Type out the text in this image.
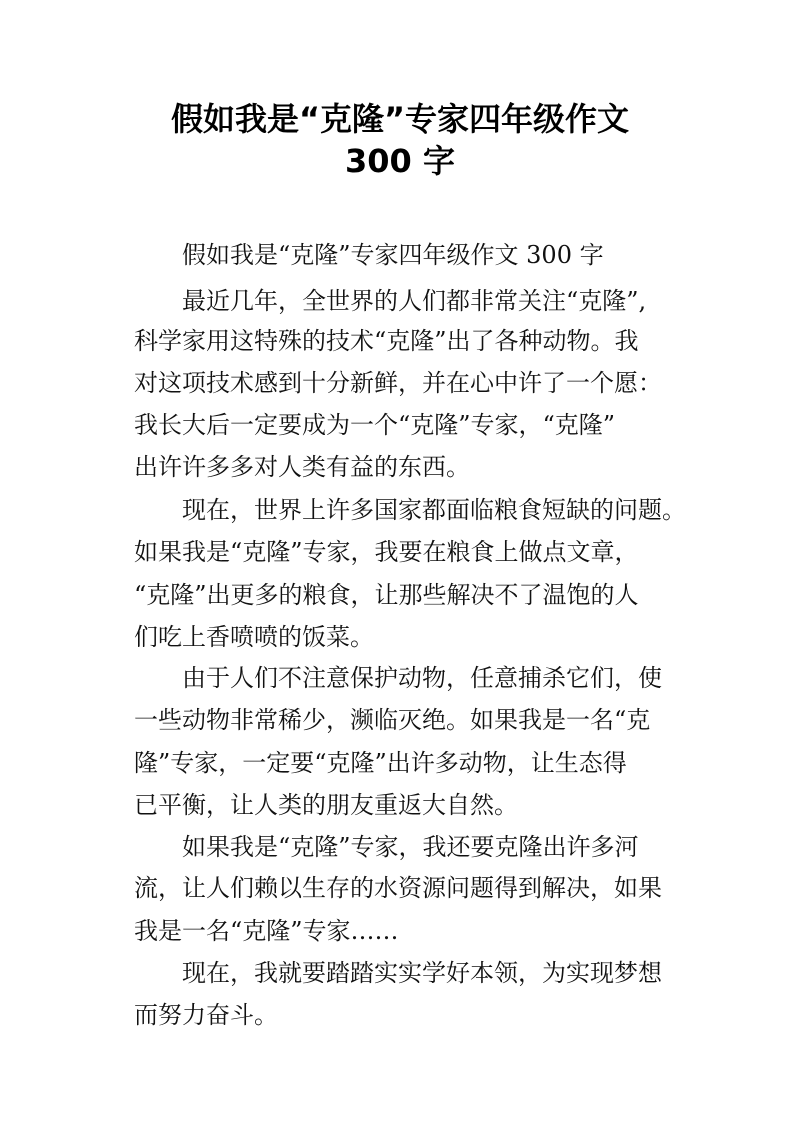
假如我是“克隆”专家四年级作文
300 字
假如我是“克隆”专家四年级作文 300 字
最近几年，全世界的人们都非常关注“克隆”,
科学家用这特殊的技术“克隆”出了各种动物。我
对这项技术感到十分新鲜，并在心中许了一个愿：
我长大后一定要成为一个“克隆”专家，“克隆”
出许许多多对人类有益的东西。
现在，世界上许多国家都面临粮食短缺的问题。
如果我是“克隆”专家，我要在粮食上做点文章，
“克隆”出更多的粮食，让那些解决不了温饱的人
们吃上香喷喷的饭菜。
由于人们不注意保护动物，任意捕杀它们，使
一些动物非常稀少，濒临灭绝。如果我是一名“克
隆”专家，一定要“克隆”出许多动物，让生态得
已平衡，让人类的朋友重返大自然。
如果我是“克隆”专家，我还要克隆出许多河
流，让人们赖以生存的水资源问题得到解决，如果
我是一名“克隆”专家……
现在，我就要踏踏实实学好本领，为实现梦想
而努力奋斗。
